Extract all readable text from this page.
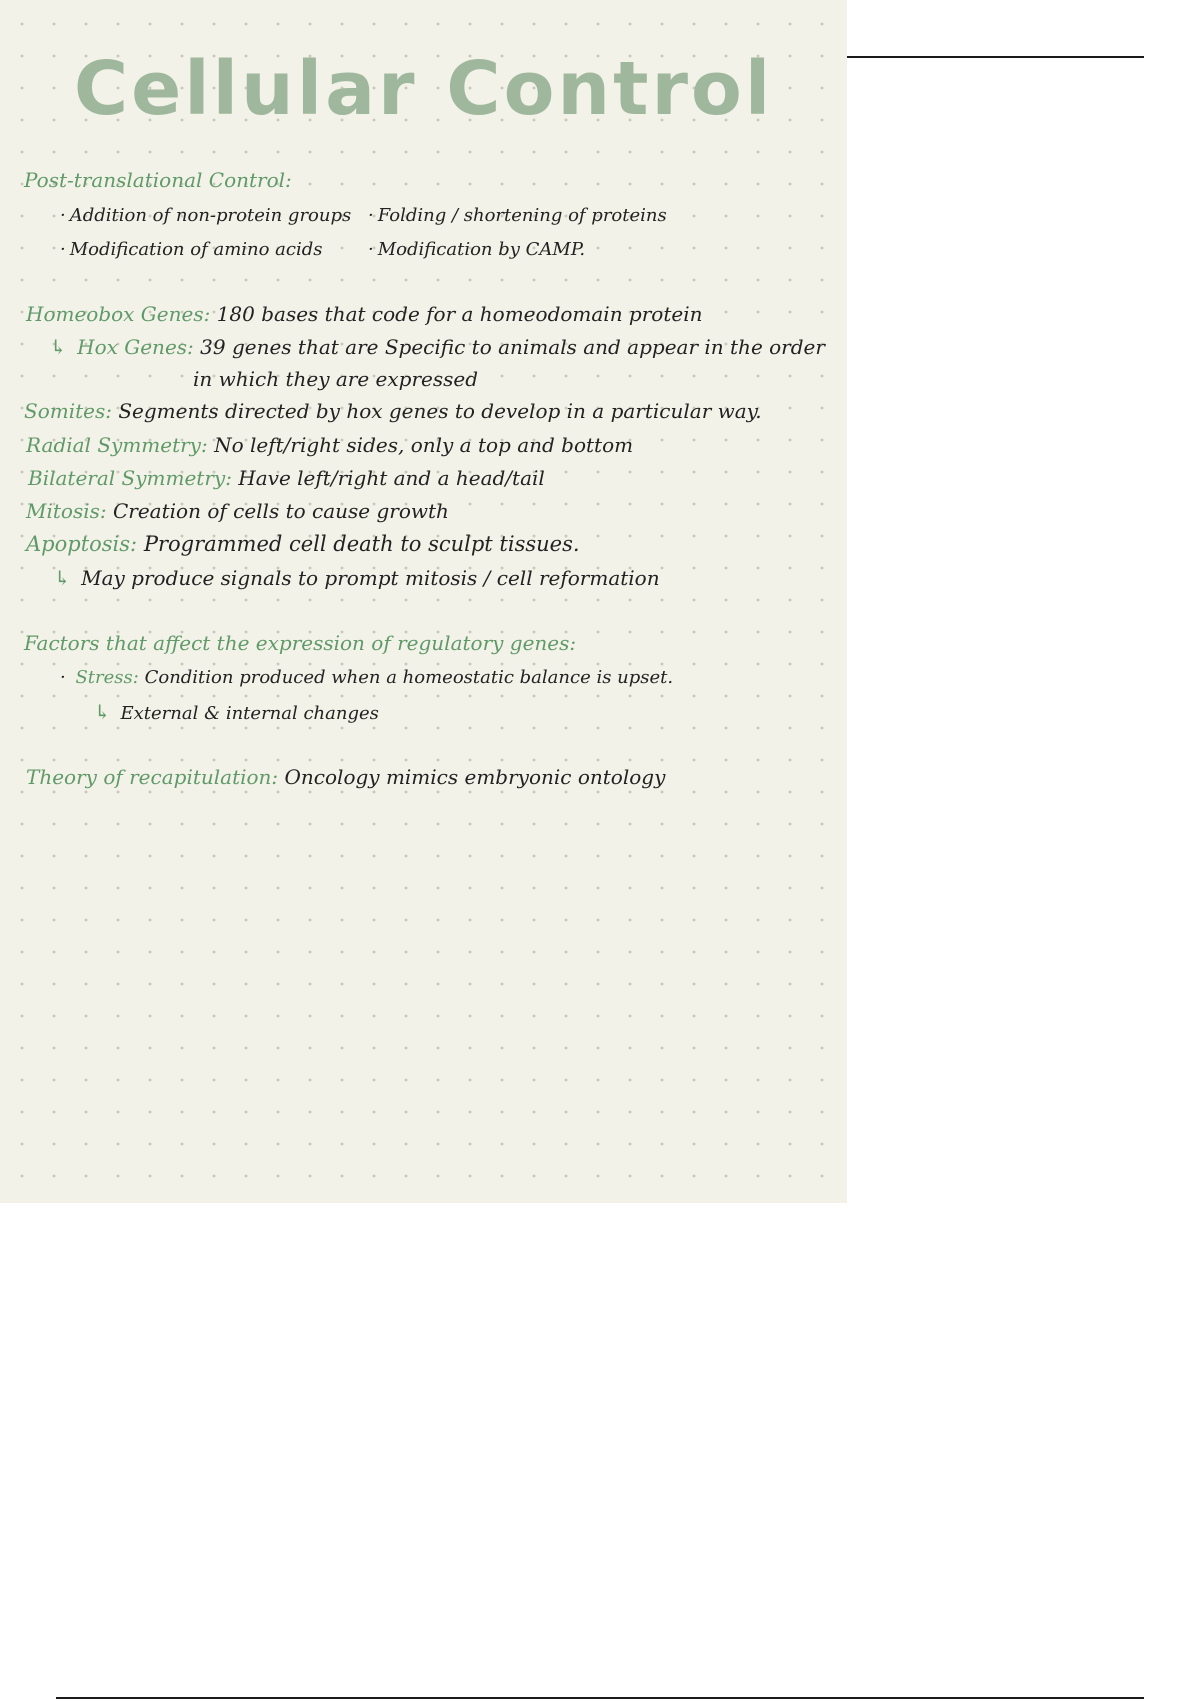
Cellular Control
Post-translational Control:
· Addition of non-protein groups · Folding / shortening of proteins
· Modification of amino acids	· Modification by CAMP.
Homeobox Genes: 180 bases that code for a homeodomain protein
↳ Hox Genes: 39 genes that are Specific to animals and appear in the order
in which they are expressed
Somites: Segments directed by hox genes to develop in a particular way.
Radial Symmetry: No left/right sides, only a top and bottom
Bilateral Symmetry: Have left/right and a head/tail
Mitosis: Creation of cells to cause growth
Apoptosis: Programmed cell death to sculpt tissues.
↳ May produce signals to prompt mitosis / cell reformation
Factors that affect the expression of regulatory genes:
· Stress: Condition produced when a homeostatic balance is upset.
↳ External & internal changes
Theory of recapitulation: Oncology mimics embryonic ontology
